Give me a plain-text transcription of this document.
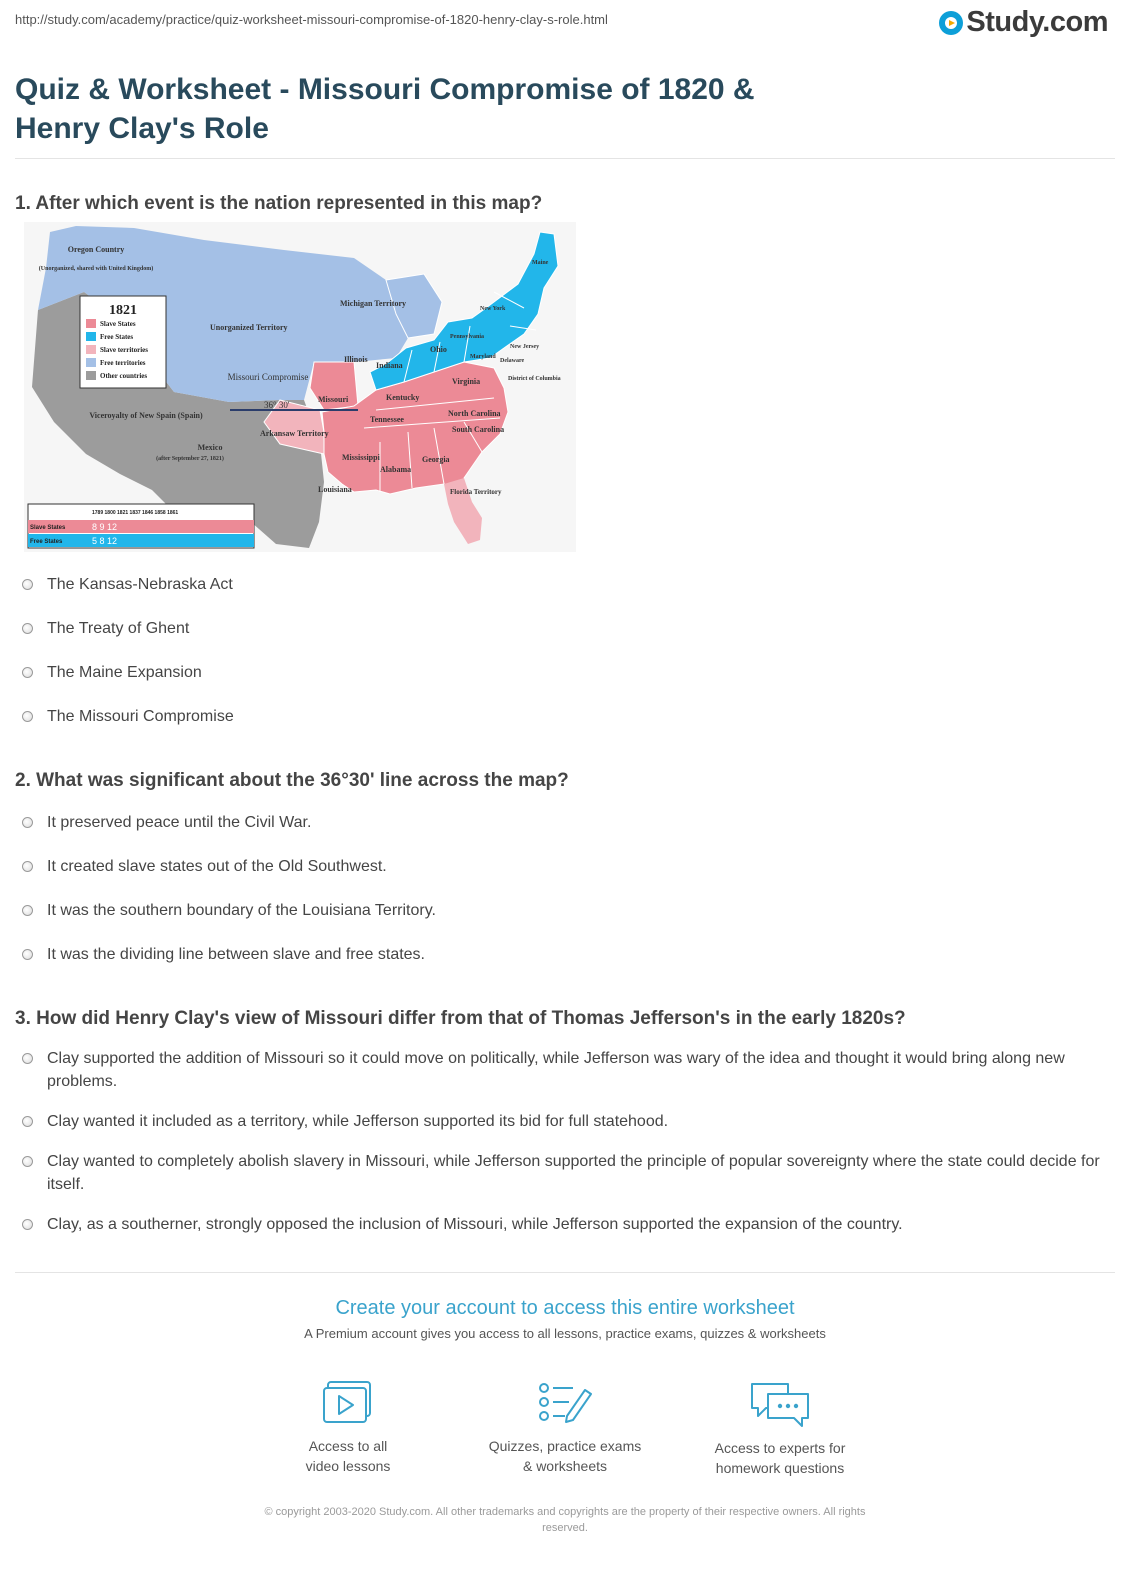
http://study.com/academy/practice/quiz-worksheet-missouri-compromise-of-1820-henry-clay-s-role.html	Study.com
Quiz & Worksheet - Missouri Compromise of 1820 &
Henry Clay's Role
1. After which event is the nation represented in this map?
Oregon Country
(Unorganized, shared with United Kingdom)
Unorganized Territory
Michigan Territory
Missouri Compromise
36° 30'
Viceroyalty of New Spain (Spain)
Mexico
(after September 27, 1821)
Arkansaw Territory
Missouri
Illinois
Indiana
Ohio
Kentucky
Tennessee
Mississippi
Alabama
Georgia
Louisiana	Florida Territory
Virginia
North Carolina
South Carolina
Pennsylvania
New York
Maine
Maryland
Delaware
New Jersey
District of Columbia
1821
Slave States
Free States
Slave territories
Free territories
Other countries
1789 1800 1821 1837 1846 1858 1861
Slave States	8 9 12
Free States	5 8 12
The Kansas-Nebraska Act
The Treaty of Ghent
The Maine Expansion
The Missouri Compromise
2. What was significant about the 36°30' line across the map?
It preserved peace until the Civil War.
It created slave states out of the Old Southwest.
It was the southern boundary of the Louisiana Territory.
It was the dividing line between slave and free states.
3. How did Henry Clay's view of Missouri differ from that of Thomas Jefferson's in the early 1820s?
Clay supported the addition of Missouri so it could move on politically, while Jefferson was wary of the idea and thought it would bring along new problems.
Clay wanted it included as a territory, while Jefferson supported its bid for full statehood.
Clay wanted to completely abolish slavery in Missouri, while Jefferson supported the principle of popular sovereignty where the state could decide for itself.
Clay, as a southerner, strongly opposed the inclusion of Missouri, while Jefferson supported the expansion of the country.
Create your account to access this entire worksheet
A Premium account gives you access to all lessons, practice exams, quizzes & worksheets
Access to all
video lessons
Quizzes, practice exams
& worksheets
Access to experts for
homework questions
© copyright 2003-2020 Study.com. All other trademarks and copyrights are the property of their respective owners. All rights
reserved.
